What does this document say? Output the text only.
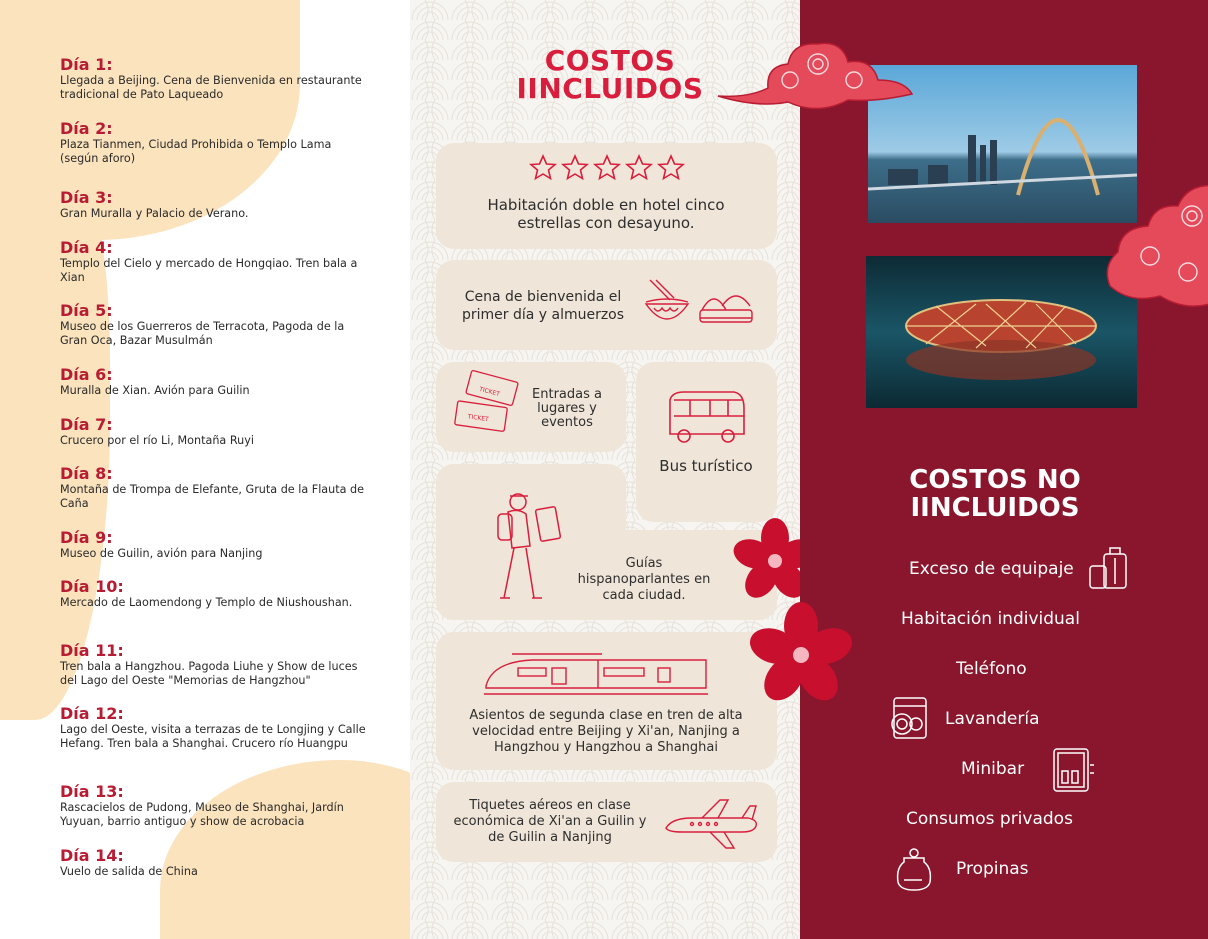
Día 1:
Llegada a Beijing. Cena de Bienvenida en restaurante tradicional de Pato Laqueado
Día 2:
Plaza Tianmen, Ciudad Prohibida o Templo Lama (según aforo)
Día 3:
Gran Muralla y Palacio de Verano.
Día 4:
Templo del Cielo y mercado de Hongqiao. Tren bala a Xian
Día 5:
Museo de los Guerreros de Terracota, Pagoda de la Gran Oca, Bazar Musulmán
Día 6:
Muralla de Xian. Avión para Guilin
Día 7:
Crucero por el río Li, Montaña Ruyi
Día 8:
Montaña de Trompa de Elefante, Gruta de la Flauta de Caña
Día 9:
Museo de Guilin, avión para Nanjing
Día 10:
Mercado de Laomendong y Templo de Niushoushan.
Día 11:
Tren bala a Hangzhou. Pagoda Liuhe y Show de luces del Lago del Oeste "Memorias de Hangzhou"
Día 12:
Lago del Oeste, visita a terrazas de te Longjing y Calle Hefang. Tren bala a Shanghai. Crucero río Huangpu
Día 13:
Rascacielos de Pudong, Museo de Shanghai, Jardín Yuyuan, barrio antiguo y show de acrobacia
Día 14:
Vuelo de salida de China
COSTOS
IINCLUIDOS
Habitación doble en hotel cinco estrellas con desayuno.
Cena de bienvenida el primer día y almuerzos
TICKET
TICKET
Entradas a lugares y eventos
Bus turístico
Guías hispanoparlantes en cada ciudad.
Asientos de segunda clase en tren de alta velocidad entre Beijing y Xi'an, Nanjing a Hangzhou y Hangzhou a Shanghai
Tiquetes aéreos en clase económica de Xi'an a Guilin y de Guilin a Nanjing
COSTOS NO
IINCLUIDOS
Exceso de equipaje
Habitación individual
Teléfono
Lavandería
Minibar
Consumos privados
Propinas
